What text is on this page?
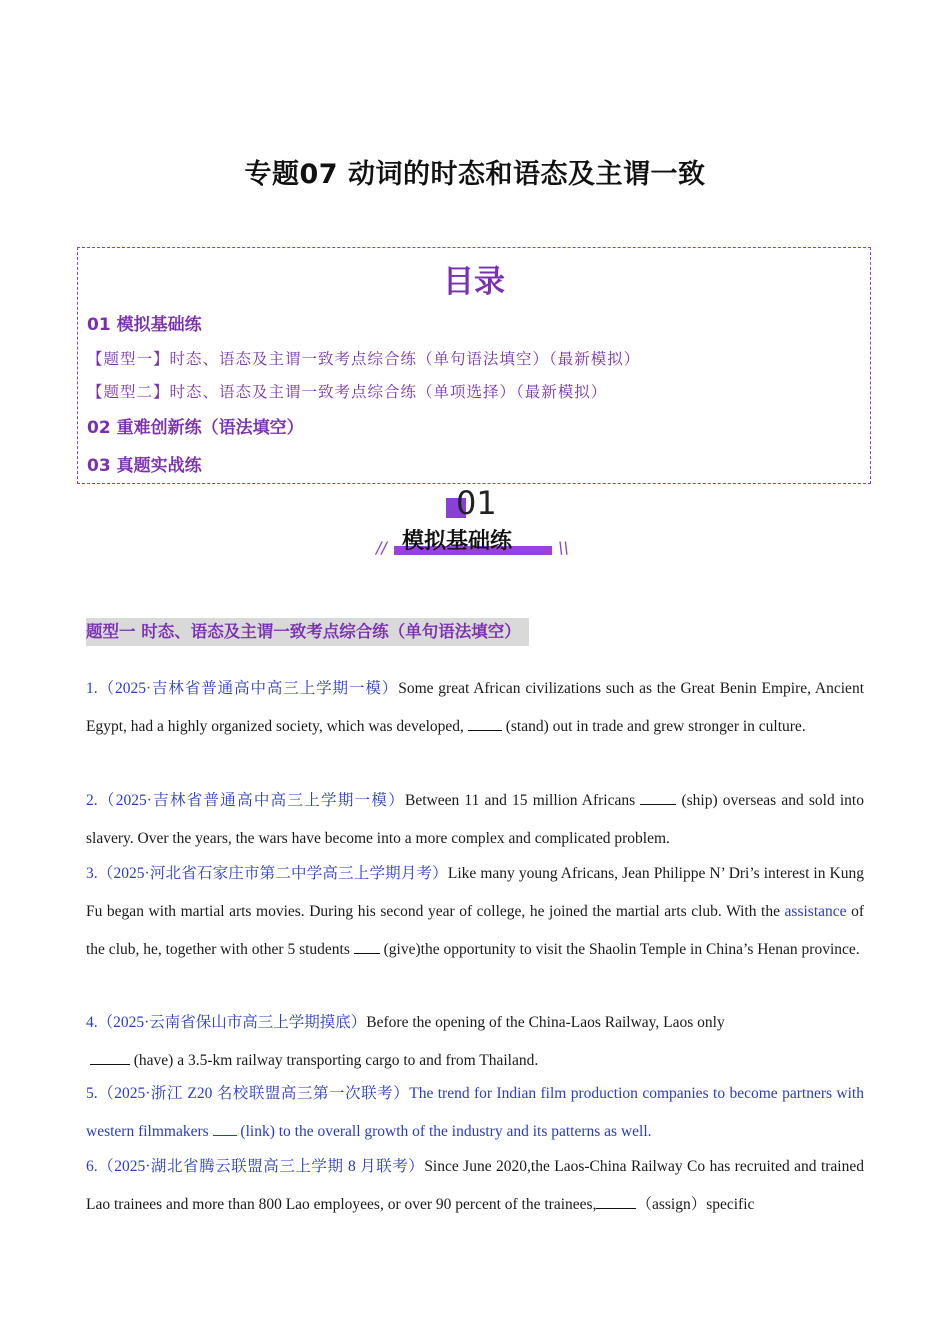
专题07 动词的时态和语态及主谓一致
目录
01 模拟基础练
【题型一】时态、语态及主谓一致考点综合练（单句语法填空）（最新模拟）
【题型二】时态、语态及主谓一致考点综合练（单项选择）（最新模拟）
02 重难创新练（语法填空）
03 真题实战练
01
模拟基础练
//	\\
题型一 时态、语态及主谓一致考点综合练（单句语法填空）
1.（2025·吉林省普通高中高三上学期一模）Some great African civilizations such as the Great Benin Empire, Ancient Egypt, had a highly organized society, which was developed,  (stand) out in trade and grew stronger in culture.
2.（2025·吉林省普通高中高三上学期一模）Between 11 and 15 million Africans  (ship) overseas and sold into slavery. Over the years, the wars have become into a more complex and complicated problem.
3.（2025·河北省石家庄市第二中学高三上学期月考）Like many young Africans, Jean Philippe N’ Dri’s interest in Kung Fu began with martial arts movies. During his second year of college, he joined the martial arts club. With the assistance of the club, he, together with other 5 students  (give)the opportunity to visit the Shaolin Temple in China’s Henan province.
4.（2025·云南省保山市高三上学期摸底）Before the opening of the China-Laos Railway, Laos only
(have) a 3.5-km railway transporting cargo to and from Thailand.
5.（2025·浙江 Z20 名校联盟高三第一次联考）The trend for Indian film production companies to become partners with western filmmakers  (link) to the overall growth of the industry and its patterns as well.
6.（2025·湖北省腾云联盟高三上学期 8 月联考）Since June 2020,the Laos-China Railway Co has recruited and trained Lao trainees and more than 800 Lao employees, or over 90 percent of the trainees,	（assign）specific
